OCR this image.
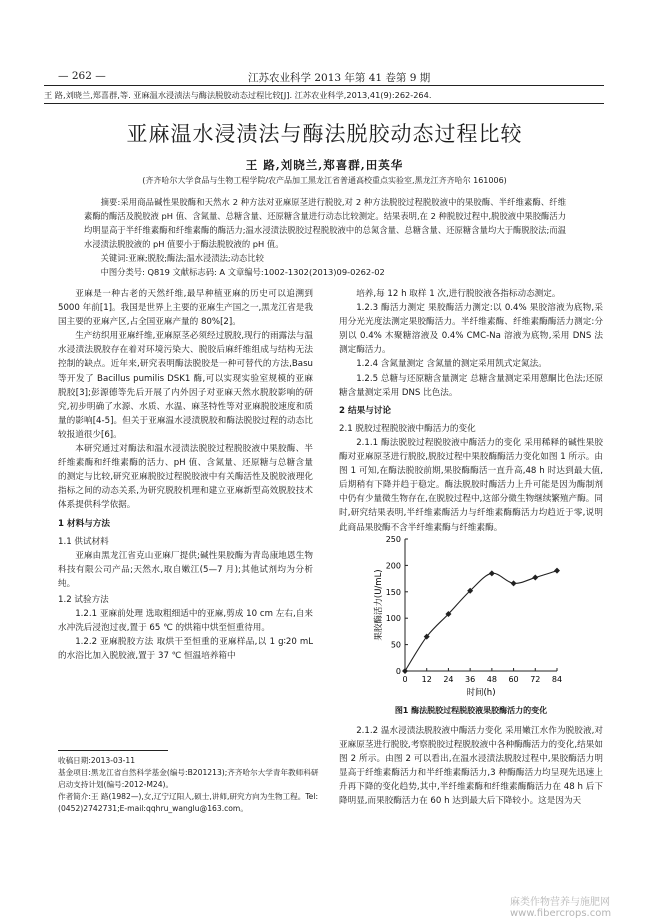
— 262 —	江苏农业科学 2013 年第 41 卷第 9 期
王 路,刘晓兰,郑喜群,等. 亚麻温水浸渍法与酶法脱胶动态过程比较[J]. 江苏农业科学,2013,41(9):262-264.
亚麻温水浸渍法与酶法脱胶动态过程比较
王 路,刘晓兰,郑喜群,田英华
(齐齐哈尔大学食品与生物工程学院/农产品加工黑龙江省普通高校重点实验室,黑龙江齐齐哈尔 161006)

摘要:采用商品碱性果胶酶和天然水 2 种方法对亚麻原茎进行脱胶,对 2 种方法脱胶过程脱胶液中的果胶酶、半纤维素酶、纤维素酶的酶活及脱胶液 pH 值、含氮量、总糖含量、还原糖含量进行动态比较测定。结果表明,在 2 种脱胶过程中,脱胶液中果胶酶活力均明显高于半纤维素酶和纤维素酶的酶活力;温水浸渍法脱胶过程脱胶液中的总氮含量、总糖含量、还原糖含量均大于酶脱胶法;而温水浸渍法脱胶液的 pH 值要小于酶法脱胶液的 pH 值。

关键词:亚麻;脱胶;酶法;温水浸渍法;动态比较

中图分类号: Q819 文献标志码: A 文章编号:1002-1302(2013)09-0262-02

亚麻是一种古老的天然纤维,最早种植亚麻的历史可以追溯到 5000 年前[1]。我国是世界上主要的亚麻生产国之一,黑龙江省是我国主要的亚麻产区,占全国亚麻产量的 80%[2]。

生产纺织用亚麻纤维,亚麻原茎必须经过脱胶,现行的雨露法与温水浸渍法脱胶存在着对环境污染大、脱胶后麻纤维组成与结构无法控制的缺点。近年来,研究表明酶法脱胶是一种可替代的方法,Basu 等开发了 Bacillus pumilis DSK1 酶,可以实现实验室规模的亚麻脱胶[3];彭源德等先后开展了内外因子对亚麻天然水脱胶影响的研究,初步明确了水源、水质、水温、麻茎特性等对亚麻脱胶速度和质量的影响[4-5]。但关于亚麻温水浸渍脱胶和酶法脱胶过程的动态比较报道很少[6]。

本研究通过对酶法和温水浸渍法脱胶过程脱胶液中果胶酶、半纤维素酶和纤维素酶的活力、pH 值、含氮量、还原糖与总糖含量的测定与比较,研究亚麻脱胶过程脱胶液中有关酶活性及脱胶液理化指标之间的动态关系,为研究脱胶机理和建立亚麻新型高效脱胶技术体系提供科学依据。

1 材料与方法

1.1 供试材料

亚麻由黑龙江省克山亚麻厂提供;碱性果胶酶为青岛康地恩生物科技有限公司产品;天然水,取自嫩江(5—7 月);其他试剂均为分析纯。

1.2 试验方法

1.2.1 亚麻前处理 选取粗细适中的亚麻,剪成 10 cm 左右,自来水冲洗后浸泡过夜,置于 65 ℃ 的烘箱中烘至恒重待用。

1.2.2 亚麻脱胶方法 取烘干至恒重的亚麻样品,以 1 g∶20 mL 的水浴比加入脱胶液,置于 37 ℃ 恒温培养箱中

收稿日期:2013-03-11

基金项目:黑龙江省自然科学基金(编号:B201213);齐齐哈尔大学青年教师科研启动支持计划(编号:2012-M24)。

作者简介:王 路(1982—),女,辽宁辽阳人,硕士,讲师,研究方向为生物工程。Tel:(0452)2742731;E-mail:qqhru_wanglu@163.com。

培养,每 12 h 取样 1 次,进行脱胶液各指标动态测定。

1.2.3 酶活力测定 果胶酶活力测定:以 0.4% 果胶溶液为底物,采用分光光度法测定果胶酶活力。半纤维素酶、纤维素酶酶活力测定:分别以 0.4% 木聚糖溶液及 0.4% CMC-Na 溶液为底物,采用 DNS 法测定酶活力。

1.2.4 含氮量测定 含氮量的测定采用凯式定氮法。

1.2.5 总糖与还原糖含量测定 总糖含量测定采用蒽酮比色法;还原糖含量测定采用 DNS 比色法。

2 结果与讨论

2.1 脱胶过程脱胶液中酶活力的变化

2.1.1 酶法脱胶过程脱胶液中酶活力的变化 采用稀释的碱性果胶酶对亚麻原茎进行脱胶,脱胶过程中果胶酶酶活力变化如图 1 所示。由图 1 可知,在酶法脱胶前期,果胶酶酶活一直升高,48 h 时达到最大值,后期稍有下降并趋于稳定。酶法脱胶时酶活力上升可能是因为酶制剂中仍有少量微生物存在,在脱胶过程中,这部分微生物继续繁殖产酶。同时,研究结果表明,半纤维素酶活力与纤维素酶酶活力均趋近于零,说明此商品果胶酶不含半纤维素酶与纤维素酶。

0 12 24 36 48 60 72 84
0
50
100
150
200
250
时间(h)
果胶酶活力(U/mL)
图1 酶法脱胶过程脱胶液果胶酶活力的变化

2.1.2 温水浸渍法脱胶液中酶活力变化 采用嫩江水作为脱胶液,对亚麻原茎进行脱胶,考察脱胶过程脱胶液中各种酶酶活力的变化,结果如图 2 所示。由图 2 可以看出,在温水浸渍法脱胶过程中,果胶酶活力明显高于纤维素酶活力和半纤维素酶活力,3 种酶酶活力均呈现先迅速上升再下降的变化趋势,其中,半纤维素酶和纤维素酶酶活力在 48 h 后下降明显,而果胶酶活力在 60 h 达到最大后下降较小。这是因为天

麻类作物营养与施肥网 www.fibercrops.com
